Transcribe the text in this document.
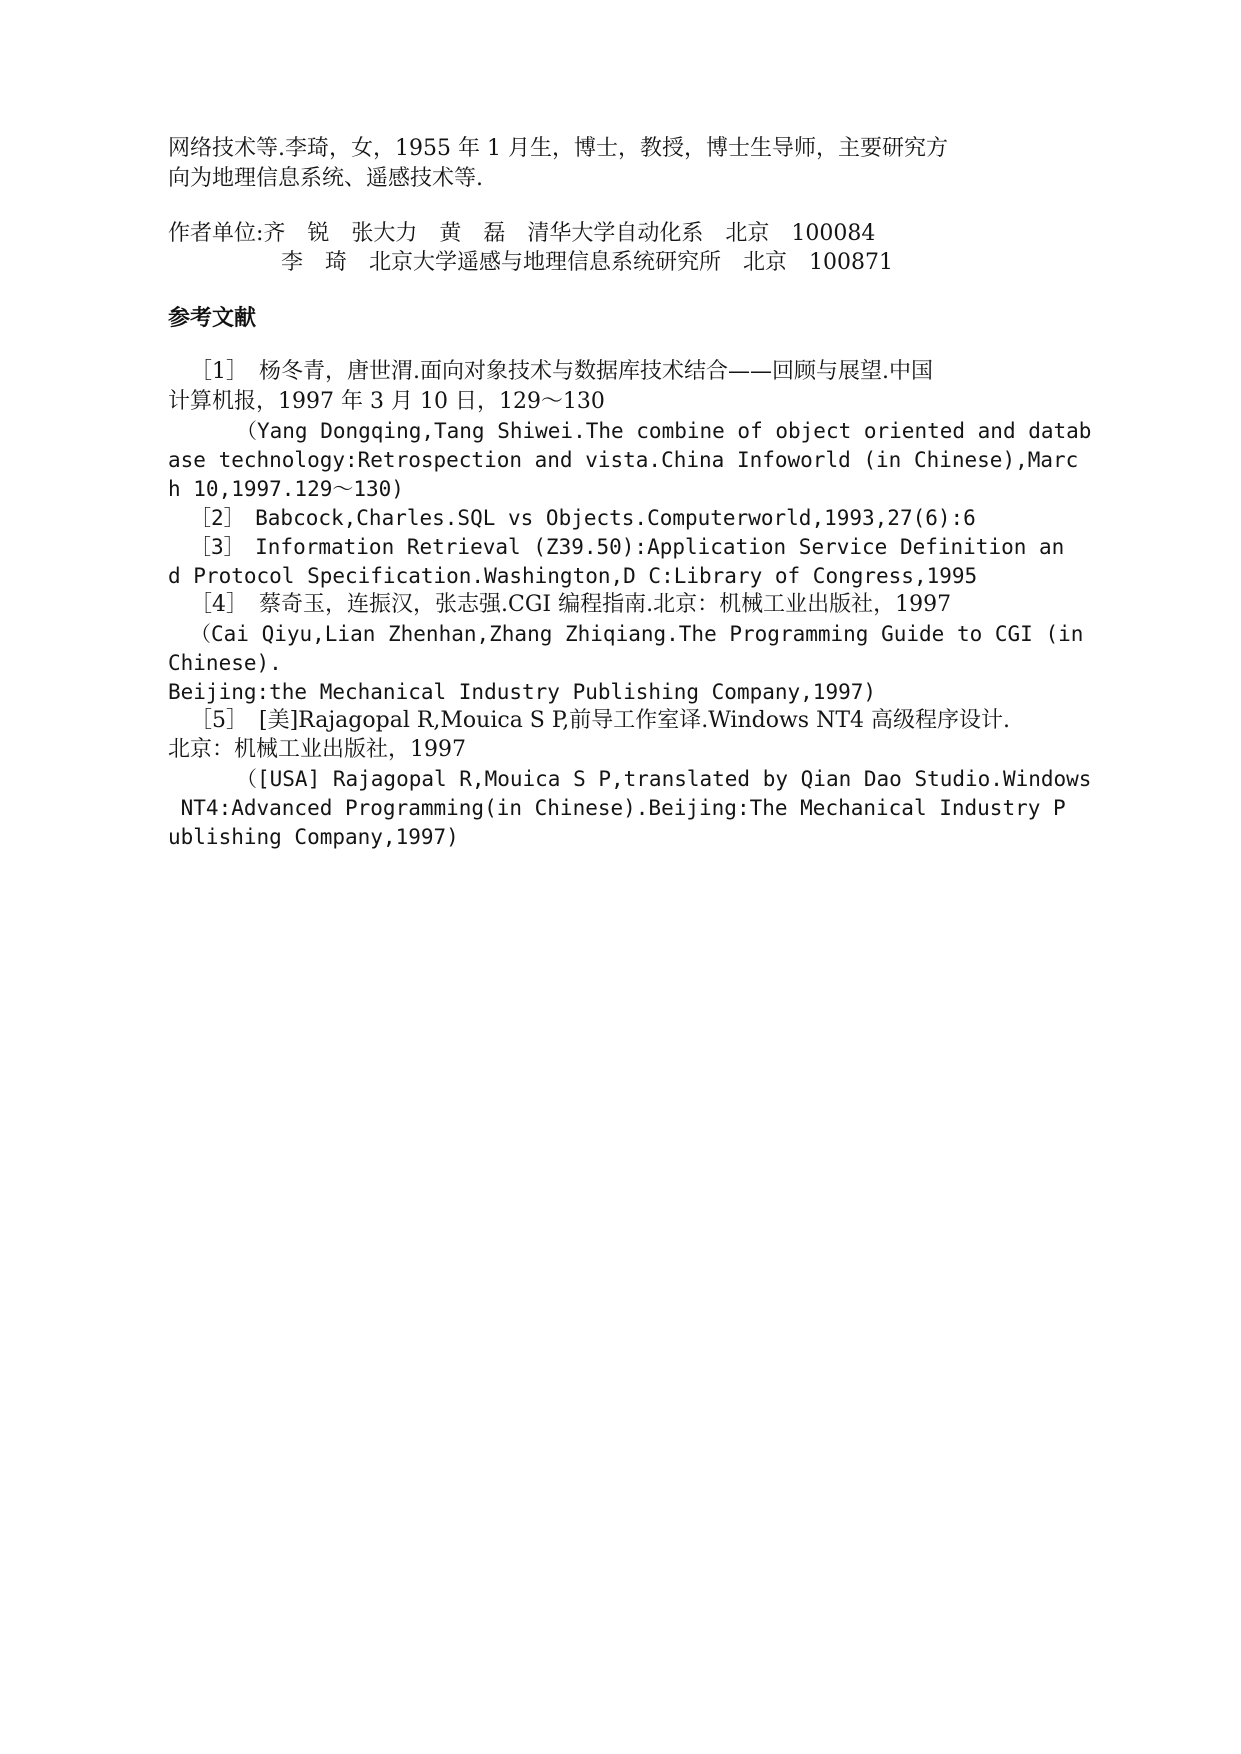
网络技术等.李琦，女，1955 年 1 月生，博士，教授，博士生导师，主要研究方
向为地理信息系统、遥感技术等.
作者单位:齐　锐　张大力　黄　磊　清华大学自动化系　北京　100084
李　琦　北京大学遥感与地理信息系统研究所　北京　100871
参考文献
［1］　杨冬青，唐世渭.面向对象技术与数据库技术结合——回顾与展望.中国
计算机报，1997 年 3 月 10 日，129～130
（Yang Dongqing,Tang Shiwei.The combine of object oriented and datab
ase technology:Retrospection and vista.China Infoworld (in Chinese),Marc
h 10,1997.129～130)
［2］　Babcock,Charles.SQL vs Objects.Computerworld,1993,27(6):6
［3］　Information Retrieval (Z39.50):Application Service Definition an
d Protocol Specification.Washington,D C:Library of Congress,1995
［4］　蔡奇玉，连振汉，张志强.CGI 编程指南.北京：机械工业出版社，1997
（Cai Qiyu,Lian Zhenhan,Zhang Zhiqiang.The Programming Guide to CGI (in
Chinese).
Beijing:the Mechanical Industry Publishing Company,1997)
［5］　[美]Rajagopal R,Mouica S P,前导工作室译.Windows NT4 高级程序设计.
北京：机械工业出版社，1997
（[USA] Rajagopal R,Mouica S P,translated by Qian Dao Studio.Windows
NT4:Advanced Programming(in Chinese).Beijing:The Mechanical Industry P
ublishing Company,1997)
